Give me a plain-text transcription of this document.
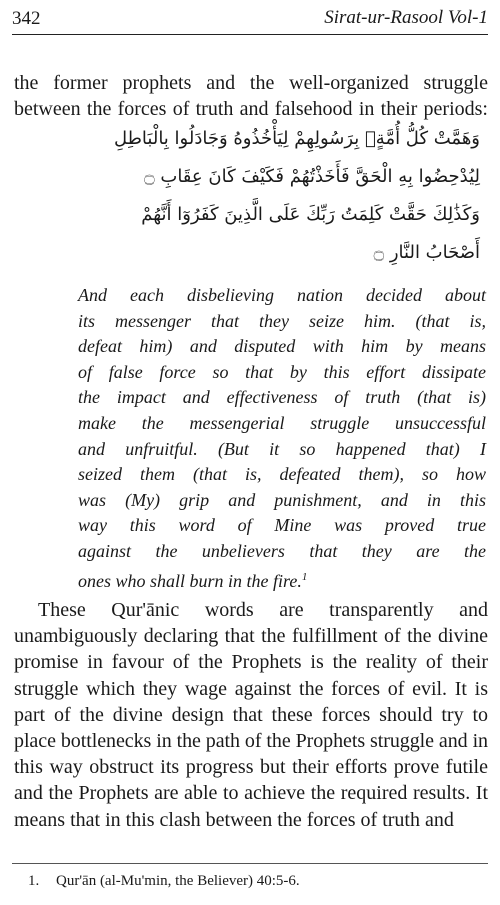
342	Sirat-ur-Rasool Vol-1
the former prophets and the well-organized struggle
between the forces of truth and falsehood in their periods:
وَهَمَّتْ كُلُّ أُمَّةٍۭ بِرَسُولِهِمْ لِيَأْخُذُوهُ وَجَادَلُوا بِالْبَاطِلِ
لِيُدْحِضُوا بِهِ الْحَقَّ فَأَخَذْتُهُمْ فَكَيْفَ كَانَ عِقَابِ ۝
وَكَذَٰلِكَ حَقَّتْ كَلِمَتُ رَبِّكَ عَلَى الَّذِينَ كَفَرُوٓا أَنَّهُمْ
أَصْحَابُ النَّارِ ۝
And each disbelieving nation decided about
its messenger that they seize him. (that is,
defeat him) and disputed with him by means
of false force so that by this effort dissipate
the impact and effectiveness of truth (that is)
make the messengerial struggle unsuccessful
and unfruitful. (But it so happened that) I
seized them (that is, defeated them), so how
was (My) grip and punishment, and in this
way this word of Mine was proved true
against the unbelievers that they are the
ones who shall burn in the fire.$^1$
These Qur'ānic words are transparently and
unambiguously declaring that the fulfillment of the divine
promise in favour of the Prophets is the reality of their
struggle which they wage against the forces of evil. It is
part of the divine design that these forces should try to
place bottlenecks in the path of the Prophets struggle and in
this way obstruct its progress but their efforts prove futile
and the Prophets are able to achieve the required results. It
means that in this clash between the forces of truth and
1. Qur'ān (al-Mu'min, the Believer) 40:5-6.
